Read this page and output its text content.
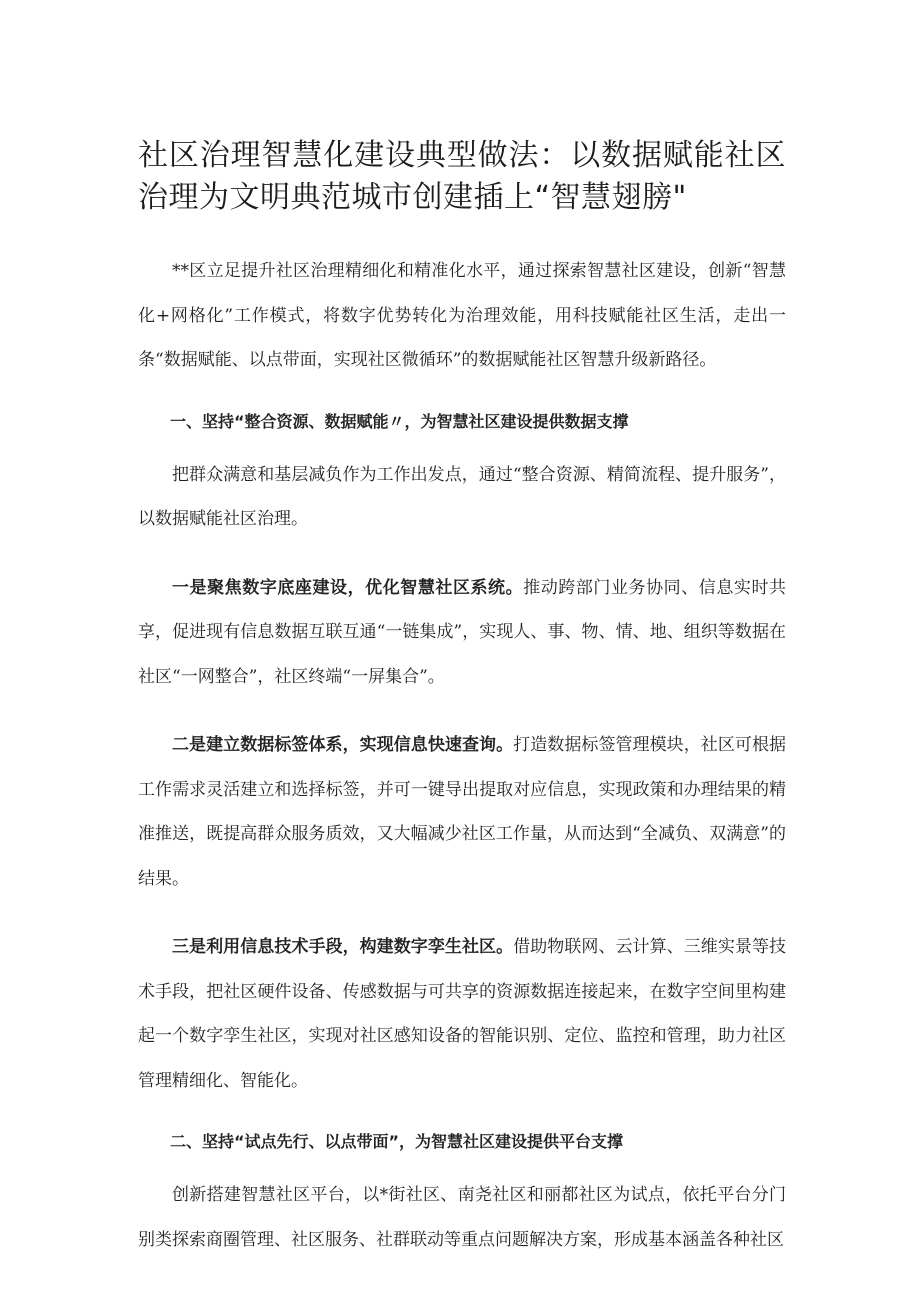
社区治理智慧化建设典型做法：以数据赋能社区治理为文明典范城市创建插上“智慧翅膀"

**区立足提升社区治理精细化和精准化水平，通过探索智慧社区建设，创新“智慧化+网格化”工作模式，将数字优势转化为治理效能，用科技赋能社区生活，走出一条“数据赋能、以点带面，实现社区微循环”的数据赋能社区智慧升级新路径。

一、坚持“整合资源、数据赋能〃，为智慧社区建设提供数据支撑

把群众满意和基层减负作为工作出发点，通过“整合资源、精简流程、提升服务”，以数据赋能社区治理。

一是聚焦数字底座建设，优化智慧社区系统。推动跨部门业务协同、信息实时共享，促进现有信息数据互联互通“一链集成”，实现人、事、物、情、地、组织等数据在社区“一网整合”，社区终端“一屏集合”。

二是建立数据标签体系，实现信息快速查询。打造数据标签管理模块，社区可根据工作需求灵活建立和选择标签，并可一键导出提取对应信息，实现政策和办理结果的精准推送，既提高群众服务质效，又大幅减少社区工作量，从而达到“全减负、双满意”的结果。

三是利用信息技术手段，构建数字孪生社区。借助物联网、云计算、三维实景等技术手段，把社区硬件设备、传感数据与可共享的资源数据连接起来，在数字空间里构建起一个数字孪生社区，实现对社区感知设备的智能识别、定位、监控和管理，助力社区管理精细化、智能化。

二、坚持“试点先行、以点带面”，为智慧社区建设提供平台支撑

创新搭建智慧社区平台，以*街社区、南尧社区和丽都社区为试点，依托平台分门别类探索商圈管理、社区服务、社群联动等重点问题解决方案，形成基本涵盖各种社区
